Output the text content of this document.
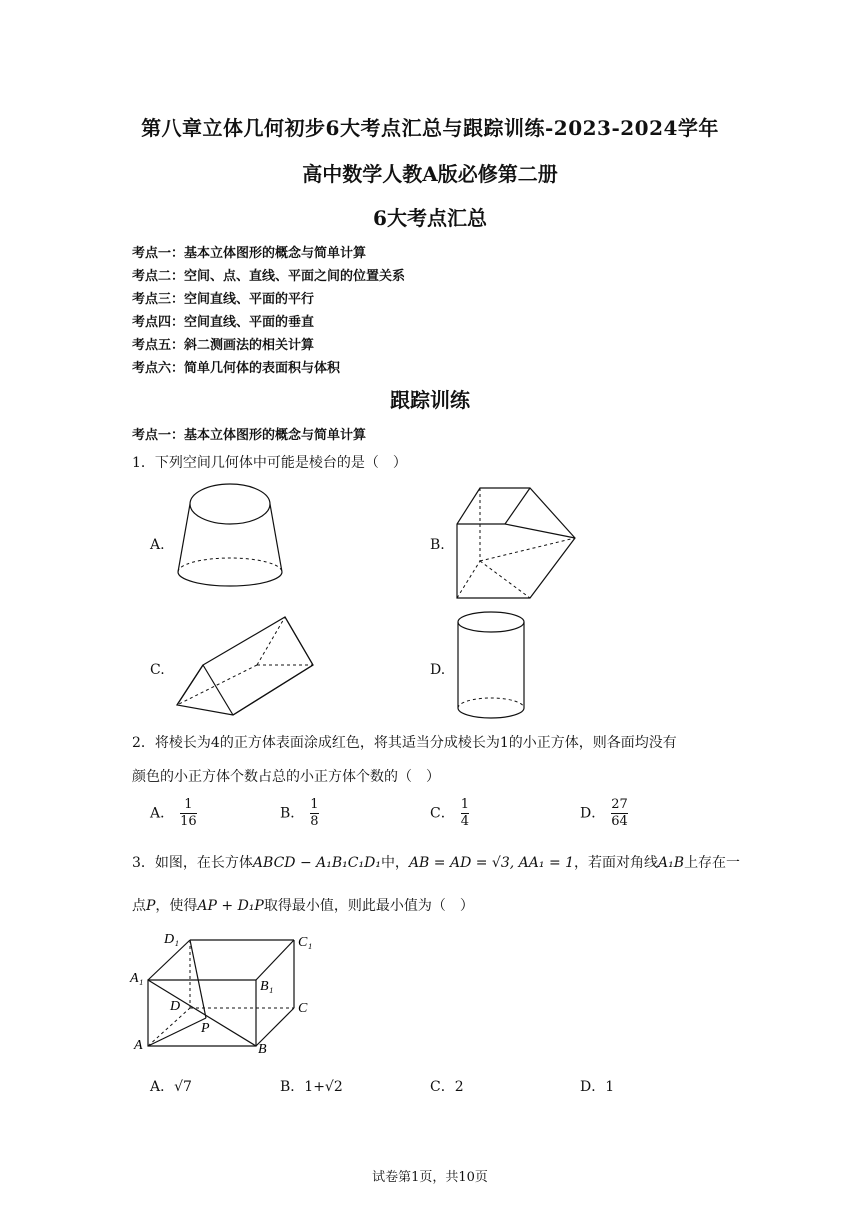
第八章立体几何初步6大考点汇总与跟踪训练-2023-2024学年
高中数学人教A版必修第二册
6大考点汇总
考点一：基本立体图形的概念与简单计算
考点二：空间、点、直线、平面之间的位置关系
考点三：空间直线、平面的平行
考点四：空间直线、平面的垂直
考点五：斜二测画法的相关计算
考点六：简单几何体的表面积与体积
跟踪训练
考点一：基本立体图形的概念与简单计算
1．下列空间几何体中可能是棱台的是（　）
A.	B.
C.	D.
2．将棱长为4的正方体表面涂成红色，将其适当分成棱长为1的小正方体，则各面均没有
颜色的小正方体个数占总的小正方体个数的（　）
A． $\frac{1}{16}$	B． $\frac{1}{8}$	C． $\frac{1}{4}$	D． $\frac{27}{64}$
3．如图，在长方体ABCD − A₁B₁C₁D₁中，AB = AD = √3, AA₁ = 1，若面对角线A₁B上存在一
点P，使得AP + D₁P取得最小值，则此最小值为（　）
D₁	C₁
A₁
B₁
D	C
P
A	B
A．√7	B．1+√2	C．2	D．1
试卷第1页，共10页
